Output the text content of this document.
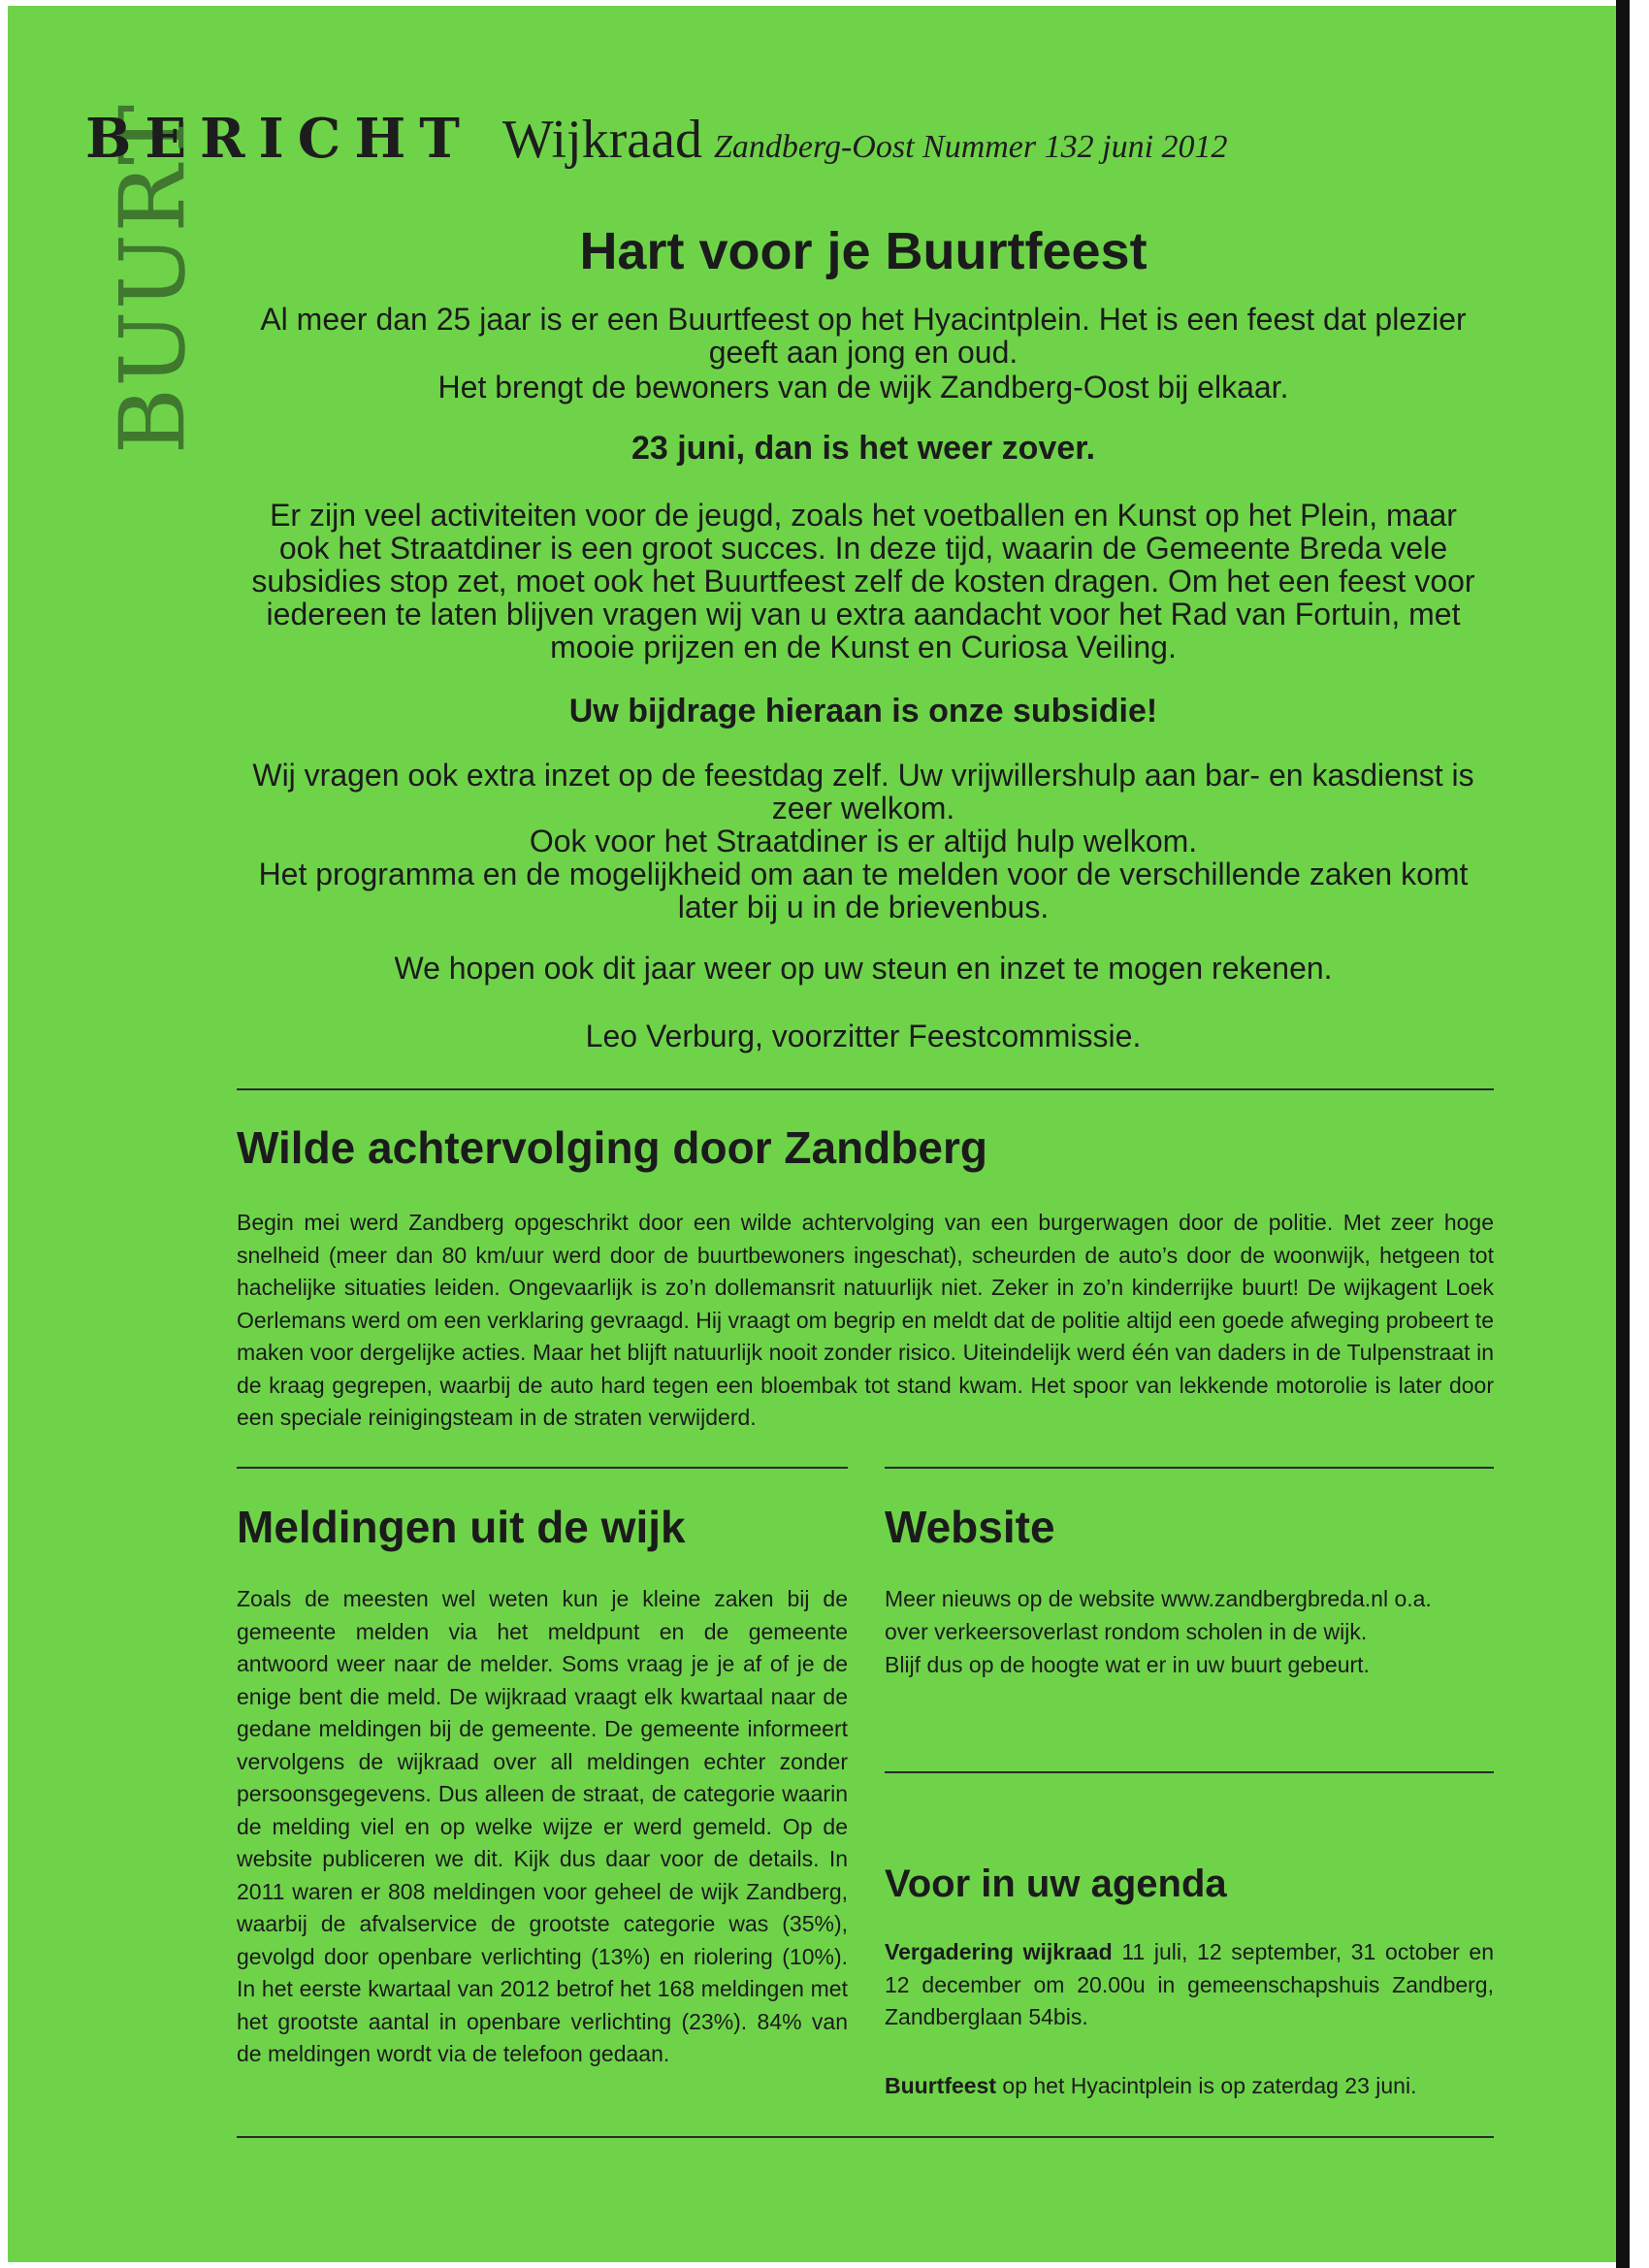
BUURT
BERICHT Wijkraad Zandberg-Oost Nummer 132 juni 2012
Hart voor je Buurtfeest
Al meer dan 25 jaar is er een Buurtfeest op het Hyacintplein. Het is een feest dat plezier geeft aan jong en oud.
Het brengt de bewoners van de wijk Zandberg-Oost bij elkaar.
23 juni, dan is het weer zover.
Er zijn veel activiteiten voor de jeugd, zoals het voetballen en Kunst op het Plein, maar ook het Straatdiner is een groot succes. In deze tijd, waarin de Gemeente Breda vele subsidies stop zet, moet ook het Buurtfeest zelf de kosten dragen. Om het een feest voor iedereen te laten blijven vragen wij van u extra aandacht voor het Rad van Fortuin, met mooie prijzen en de Kunst en Curiosa Veiling.
Uw bijdrage hieraan is onze subsidie!
Wij vragen ook extra inzet op de feestdag zelf. Uw vrijwillershulp aan bar- en kasdienst is zeer welkom.
Ook voor het Straatdiner is er altijd hulp welkom.
Het programma en de mogelijkheid om aan te melden voor de verschillende zaken komt later bij u in de brievenbus.
We hopen ook dit jaar weer op uw steun en inzet te mogen rekenen.
Leo Verburg, voorzitter Feestcommissie.
Wilde achtervolging door Zandberg
Begin mei werd Zandberg opgeschrikt door een wilde achtervolging van een burgerwagen door de politie. Met zeer hoge snelheid (meer dan 80 km/uur werd door de buurtbewoners ingeschat), scheurden de auto’s door de woonwijk, hetgeen tot hachelijke situaties leiden. Ongevaarlijk is zo’n dollemansrit natuurlijk niet. Zeker in zo’n kinderrijke buurt! De wijkagent Loek Oerlemans werd om een verklaring gevraagd. Hij vraagt om begrip en meldt dat de politie altijd een goede afweging probeert te maken voor dergelijke acties. Maar het blijft natuurlijk nooit zonder risico. Uiteindelijk werd één van daders in de Tulpenstraat in de kraag gegrepen, waarbij de auto hard tegen een bloembak tot stand kwam. Het spoor van lekkende motorolie is later door een speciale reinigingsteam in de straten verwijderd.
Meldingen uit de wijk
Zoals de meesten wel weten kun je kleine zaken bij de gemeente melden via het meldpunt en de gemeente antwoord weer naar de melder. Soms vraag je je af of je de enige bent die meld. De wijkraad vraagt elk kwartaal naar de gedane meldingen bij de gemeente. De gemeente informeert vervolgens de wijkraad over all meldingen echter zonder persoonsgegevens. Dus alleen de straat, de categorie waarin de melding viel en op welke wijze er werd gemeld. Op de website publiceren we dit. Kijk dus daar voor de details. In 2011 waren er 808 meldingen voor geheel de wijk Zandberg, waarbij de afvalservice de grootste categorie was (35%), gevolgd door openbare verlichting (13%) en riolering (10%). In het eerste kwartaal van 2012 betrof het 168 meldingen met het grootste aantal in openbare verlichting (23%). 84% van de meldingen wordt via de telefoon gedaan.
Website
Meer nieuws op de website www.zandbergbreda.nl o.a.
over verkeersoverlast rondom scholen in de wijk.
Blijf dus op de hoogte wat er in uw buurt gebeurt.
Voor in uw agenda
Vergadering wijkraad 11 juli, 12 september, 31 october en 12 december om 20.00u in gemeenschapshuis Zandberg, Zandberglaan 54bis.
Buurtfeest op het Hyacintplein is op zaterdag 23 juni.
